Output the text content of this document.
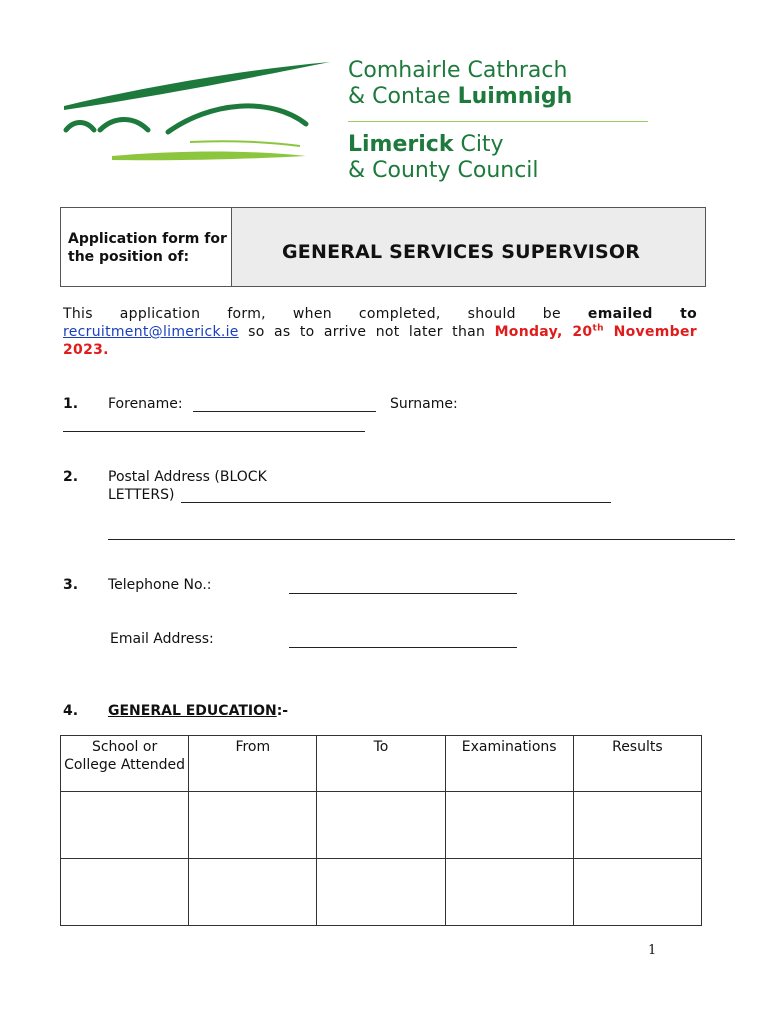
Comhairle Cathrach
& Contae Luimnigh
Limerick City
& County Council
Application form for the position of:	GENERAL SERVICES SUPERVISOR
This application form, when completed, should be emailed to recruitment@limerick.ie so as to arrive not later than Monday, 20th November 2023.
1. Forename:	Surname:
2. Postal Address (BLOCK
LETTERS)
3. Telephone No.:
Email Address:
4. GENERAL EDUCATION:-
School or College Attended	From	To	Examinations	Results

1
